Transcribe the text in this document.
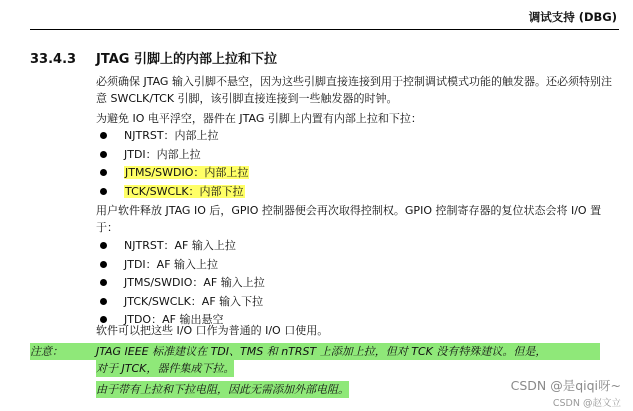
调试支持 (DBG)
33.4.3 JTAG 引脚上的内部上拉和下拉

必须确保 JTAG 输入引脚不悬空，因为这些引脚直接连接到用于控制调试模式功能的触发器。还必须特别注意 SWCLK/TCK 引脚，该引脚直接连接到一些触发器的时钟。

为避免 IO 电平浮空，器件在 JTAG 引脚上内置有内部上拉和下拉：

NJTRST：内部上拉
JTDI：内部上拉
JTMS/SWDIO：内部上拉
TCK/SWCLK：内部下拉

用户软件释放 JTAG IO 后，GPIO 控制器便会再次取得控制权。GPIO 控制寄存器的复位状态会将 I/O 置于：

NJTRST：AF 输入上拉
JTDI：AF 输入上拉
JTMS/SWDIO：AF 输入上拉
JTCK/SWCLK：AF 输入下拉
JTDO：AF 输出悬空

软件可以把这些 I/O 口作为普通的 I/O 口使用。

注意：	JTAG IEEE 标准建议在 TDI、TMS 和 nTRST 上添加上拉，但对 TCK 没有特殊建议。但是，
对于 JTCK，器件集成下拉。
由于带有上拉和下拉电阻，因此无需添加外部电阻。	CSDN @是qiqi呀~
CSDN @赵文立
